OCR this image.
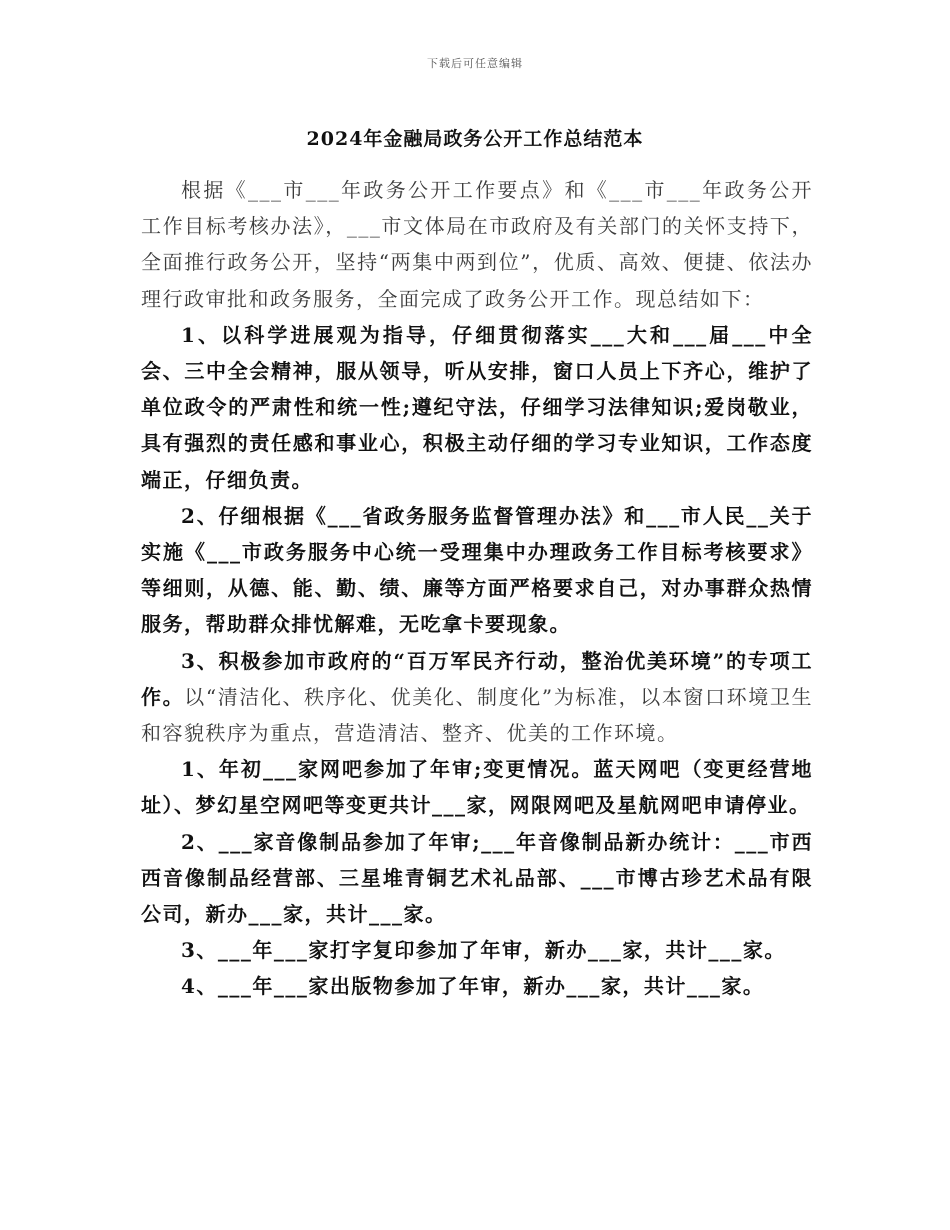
下载后可任意编辑
2024年金融局政务公开工作总结范本

根据《___市___年政务公开工作要点》和《___市___年政务公开工作目标考核办法》，___市文体局在市政府及有关部门的关怀支持下，全面推行政务公开，坚持“两集中两到位”，优质、高效、便捷、依法办理行政审批和政务服务，全面完成了政务公开工作。现总结如下：

1、以科学进展观为指导，仔细贯彻落实___大和___届___中全会、三中全会精神，服从领导，听从安排，窗口人员上下齐心，维护了单位政令的严肃性和统一性;遵纪守法，仔细学习法律知识;爱岗敬业，具有强烈的责任感和事业心，积极主动仔细的学习专业知识，工作态度端正，仔细负责。

2、仔细根据《___省政务服务监督管理办法》和___市人民__关于实施《___市政务服务中心统一受理集中办理政务工作目标考核要求》等细则，从德、能、勤、绩、廉等方面严格要求自己，对办事群众热情服务，帮助群众排忧解难，无吃拿卡要现象。

3、积极参加市政府的“百万军民齐行动，整治优美环境”的专项工作。以“清洁化、秩序化、优美化、制度化”为标准，以本窗口环境卫生和容貌秩序为重点，营造清洁、整齐、优美的工作环境。

1、年初___家网吧参加了年审;变更情况。蓝天网吧（变更经营地址）、梦幻星空网吧等变更共计___家，网限网吧及星航网吧申请停业。

2、___家音像制品参加了年审;___年音像制品新办统计：___市西西音像制品经营部、三星堆青铜艺术礼品部、___市博古珍艺术品有限公司，新办___家，共计___家。

3、___年___家打字复印参加了年审，新办___家，共计___家。

4、___年___家出版物参加了年审，新办___家，共计___家。
